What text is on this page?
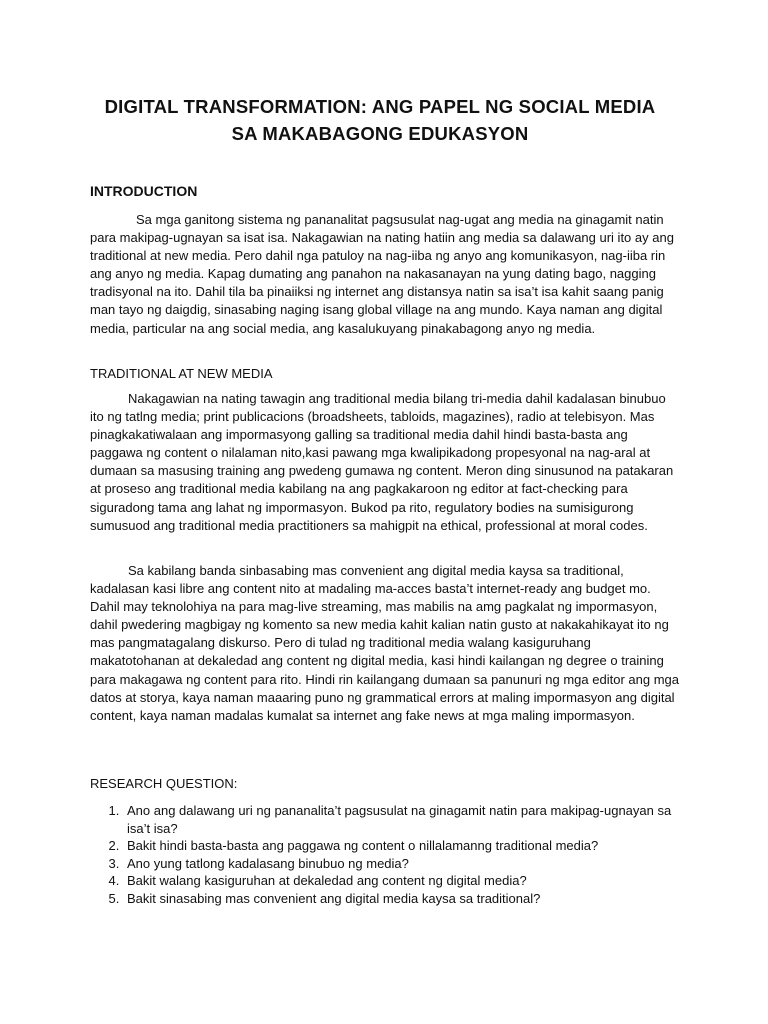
DIGITAL TRANSFORMATION: ANG PAPEL NG SOCIAL MEDIA SA MAKABAGONG EDUKASYON
INTRODUCTION

Sa mga ganitong sistema ng pananalitat pagsusulat nag-ugat ang media na ginagamit natin para makipag-ugnayan sa isat isa. Nakagawian na nating hatiin ang media sa dalawang uri ito ay ang traditional at new media. Pero dahil nga patuloy na nag-iiba ng anyo ang komunikasyon, nag-iiba rin ang anyo ng media. Kapag dumating ang panahon na nakasanayan na yung dating bago, nagging tradisyonal na ito. Dahil tila ba pinaiiksi ng internet ang distansya natin sa isa’t isa kahit saang panig man tayo ng daigdig, sinasabing naging isang global village na ang mundo. Kaya naman ang digital media, particular na ang social media, ang kasalukuyang pinakabagong anyo ng media.

TRADITIONAL AT NEW MEDIA

Nakagawian na nating tawagin ang traditional media bilang tri-media dahil kadalasan binubuo ito ng tatlng media; print publicacions (broadsheets, tabloids, magazines), radio at telebisyon. Mas pinagkakatiwalaan ang impormasyong galling sa traditional media dahil hindi basta-basta ang paggawa ng content o nilalaman nito,kasi pawang mga kwalipikadong propesyonal na nag-aral at dumaan sa masusing training ang pwedeng gumawa ng content. Meron ding sinusunod na patakaran at proseso ang traditional media kabilang na ang pagkakaroon ng editor at fact-checking para siguradong tama ang lahat ng impormasyon. Bukod pa rito, regulatory bodies na sumisigurong sumusuod ang traditional media practitioners sa mahigpit na ethical, professional at moral codes.

Sa kabilang banda sinbasabing mas convenient ang digital media kaysa sa traditional, kadalasan kasi libre ang content nito at madaling ma-acces basta’t internet-ready ang budget mo. Dahil may teknolohiya na para mag-live streaming, mas mabilis na amg pagkalat ng impormasyon, dahil pwedering magbigay ng komento sa new media kahit kalian natin gusto at nakakahikayat ito ng mas pangmatagalang diskurso. Pero di tulad ng traditional media walang kasiguruhang makatotohanan at dekaledad ang content ng digital media, kasi hindi kailangan ng degree o training para makagawa ng content para rito. Hindi rin kailangang dumaan sa panunuri ng mga editor ang mga datos at storya, kaya naman maaaring puno ng grammatical errors at maling impormasyon ang digital content, kaya naman madalas kumalat sa internet ang fake news at mga maling impormasyon.

RESEARCH QUESTION:
1. Ano ang dalawang uri ng pananalita’t pagsusulat na ginagamit natin para makipag-ugnayan sa isa’t isa?
2. Bakit hindi basta-basta ang paggawa ng content o nillalamanng traditional media?
3. Ano yung tatlong kadalasang binubuo ng media?
4. Bakit walang kasiguruhan at dekaledad ang content ng digital media?
5. Bakit sinasabing mas convenient ang digital media kaysa sa traditional?
